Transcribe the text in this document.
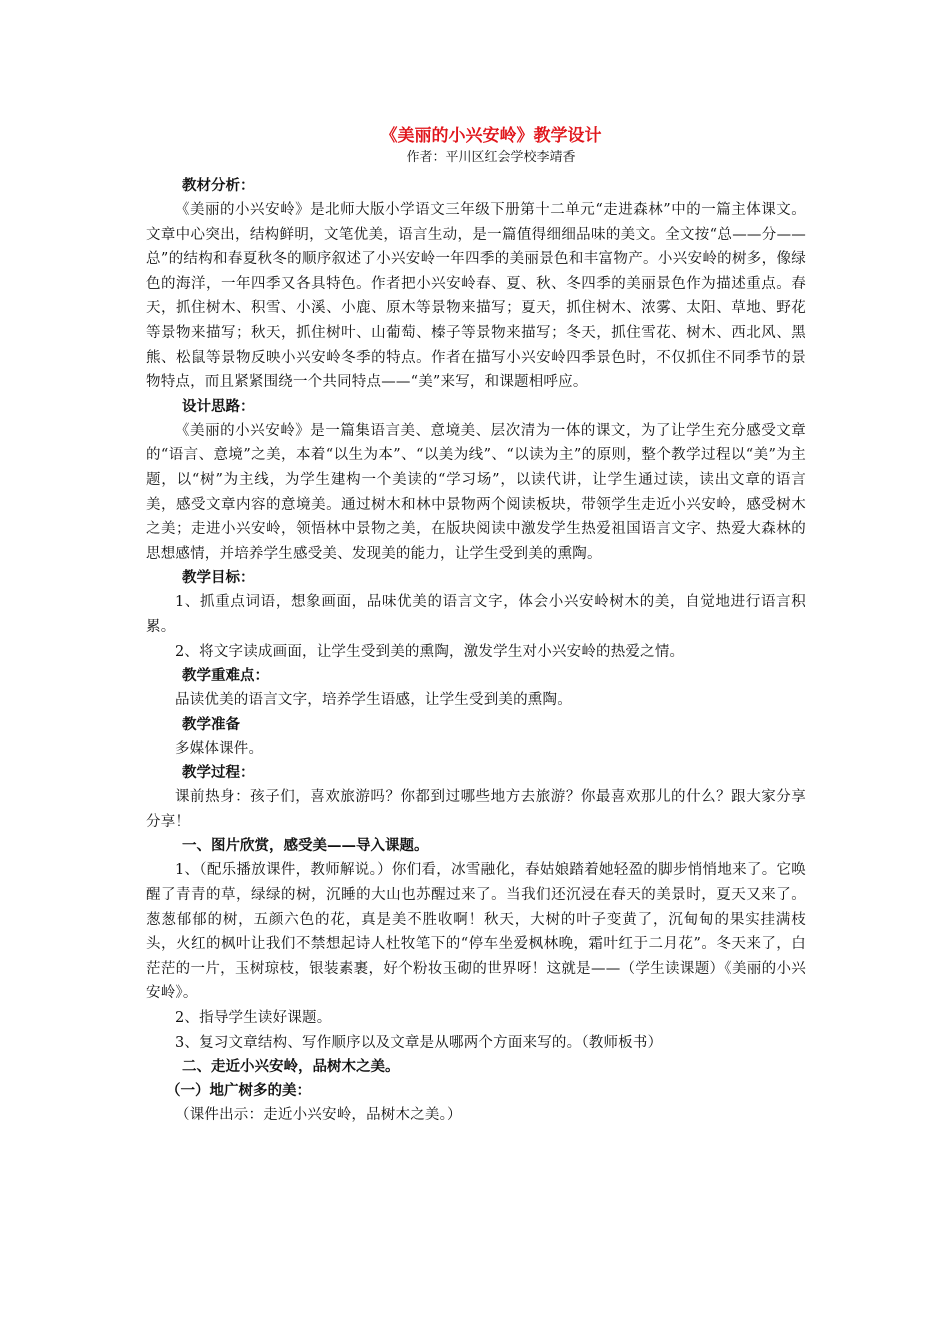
《美丽的小兴安岭》教学设计

作者：平川区红会学校李靖香

教材分析：

《美丽的小兴安岭》是北师大版小学语文三年级下册第十二单元“走进森林”中的一篇主体课文。文章中心突出，结构鲜明，文笔优美，语言生动，是一篇值得细细品味的美文。全文按“总——分——总”的结构和春夏秋冬的顺序叙述了小兴安岭一年四季的美丽景色和丰富物产。小兴安岭的树多，像绿色的海洋，一年四季又各具特色。作者把小兴安岭春、夏、秋、冬四季的美丽景色作为描述重点。春天，抓住树木、积雪、小溪、小鹿、原木等景物来描写；夏天，抓住树木、浓雾、太阳、草地、野花等景物来描写；秋天，抓住树叶、山葡萄、榛子等景物来描写；冬天，抓住雪花、树木、西北风、黑熊、松鼠等景物反映小兴安岭冬季的特点。作者在描写小兴安岭四季景色时，不仅抓住不同季节的景物特点，而且紧紧围绕一个共同特点——“美”来写，和课题相呼应。

设计思路：

《美丽的小兴安岭》是一篇集语言美、意境美、层次清为一体的课文，为了让学生充分感受文章的“语言、意境”之美，本着“以生为本”、“以美为线”、“以读为主”的原则，整个教学过程以“美”为主题，以“树”为主线，为学生建构一个美读的“学习场”，以读代讲，让学生通过读，读出文章的语言美，感受文章内容的意境美。通过树木和林中景物两个阅读板块，带领学生走近小兴安岭，感受树木之美；走进小兴安岭，领悟林中景物之美，在版块阅读中激发学生热爱祖国语言文字、热爱大森林的思想感情，并培养学生感受美、发现美的能力，让学生受到美的熏陶。

教学目标：

1、抓重点词语，想象画面，品味优美的语言文字，体会小兴安岭树木的美，自觉地进行语言积累。

2、将文字读成画面，让学生受到美的熏陶，激发学生对小兴安岭的热爱之情。

教学重难点：

品读优美的语言文字，培养学生语感，让学生受到美的熏陶。

教学准备

多媒体课件。

教学过程：

课前热身：孩子们，喜欢旅游吗？你都到过哪些地方去旅游？你最喜欢那儿的什么？跟大家分享分享！

一、图片欣赏，感受美——导入课题。

1、（配乐播放课件，教师解说。）你们看，冰雪融化，春姑娘踏着她轻盈的脚步悄悄地来了。它唤醒了青青的草，绿绿的树，沉睡的大山也苏醒过来了。当我们还沉浸在春天的美景时，夏天又来了。葱葱郁郁的树，五颜六色的花，真是美不胜收啊！秋天，大树的叶子变黄了，沉甸甸的果实挂满枝头，火红的枫叶让我们不禁想起诗人杜牧笔下的“停车坐爱枫林晚，霜叶红于二月花”。冬天来了，白茫茫的一片，玉树琼枝，银装素裹，好个粉妆玉砌的世界呀！这就是——（学生读课题）《美丽的小兴安岭》。

2、指导学生读好课题。

3、复习文章结构、写作顺序以及文章是从哪两个方面来写的。（教师板书）

二、走近小兴安岭，品树木之美。

（一）地广树多的美：

（课件出示：走近小兴安岭，品树木之美。）
